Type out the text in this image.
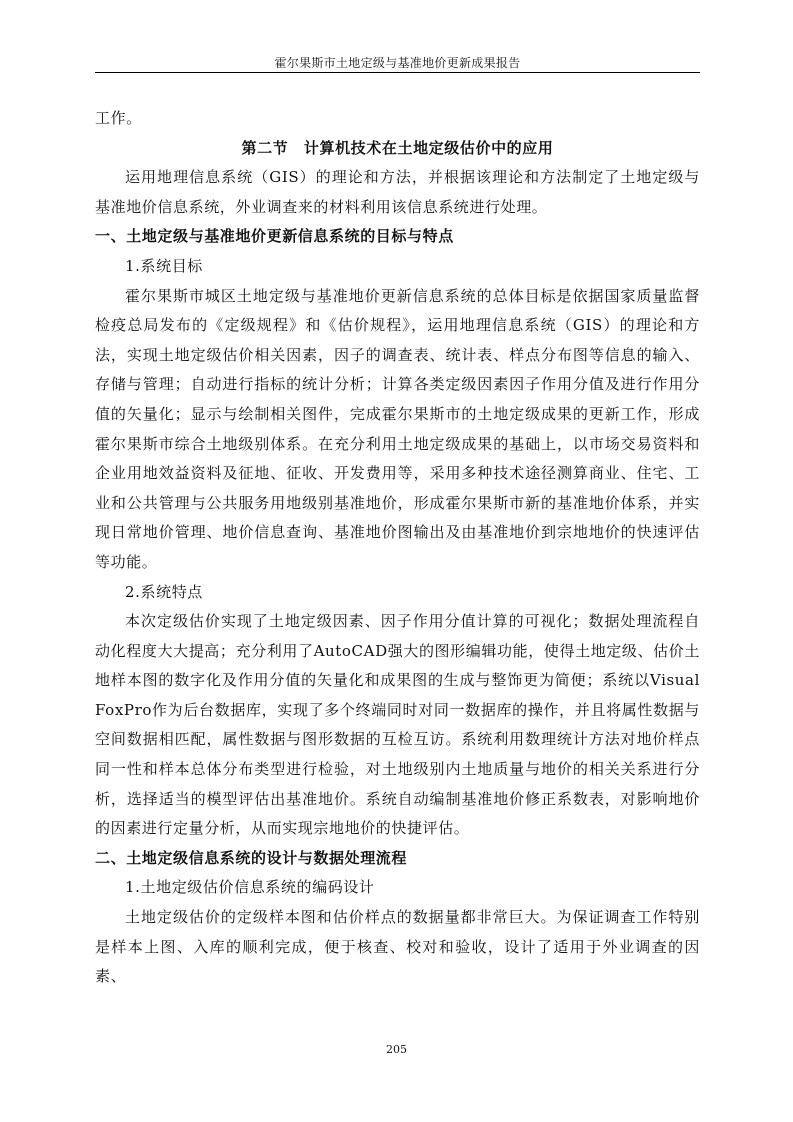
霍尔果斯市土地定级与基准地价更新成果报告

工作。

第二节　计算机技术在土地定级估价中的应用

运用地理信息系统（GIS）的理论和方法，并根据该理论和方法制定了土地定级与基准地价信息系统，外业调查来的材料利用该信息系统进行处理。

一、土地定级与基准地价更新信息系统的目标与特点

1.系统目标

霍尔果斯市城区土地定级与基准地价更新信息系统的总体目标是依据国家质量监督检疫总局发布的《定级规程》和《估价规程》，运用地理信息系统（GIS）的理论和方法，实现土地定级估价相关因素，因子的调查表、统计表、样点分布图等信息的输入、存储与管理；自动进行指标的统计分析；计算各类定级因素因子作用分值及进行作用分值的矢量化；显示与绘制相关图件，完成霍尔果斯市的土地定级成果的更新工作，形成霍尔果斯市综合土地级别体系。在充分利用土地定级成果的基础上，以市场交易资料和企业用地效益资料及征地、征收、开发费用等，采用多种技术途径测算商业、住宅、工业和公共管理与公共服务用地级别基准地价，形成霍尔果斯市新的基准地价体系，并实现日常地价管理、地价信息查询、基准地价图输出及由基准地价到宗地地价的快速评估等功能。

2.系统特点

本次定级估价实现了土地定级因素、因子作用分值计算的可视化；数据处理流程自动化程度大大提高；充分利用了AutoCAD强大的图形编辑功能，使得土地定级、估价土地样本图的数字化及作用分值的矢量化和成果图的生成与整饰更为简便；系统以Visual FoxPro作为后台数据库，实现了多个终端同时对同一数据库的操作，并且将属性数据与空间数据相匹配，属性数据与图形数据的互检互访。系统利用数理统计方法对地价样点同一性和样本总体分布类型进行检验，对土地级别内土地质量与地价的相关关系进行分析，选择适当的模型评估出基准地价。系统自动编制基准地价修正系数表，对影响地价的因素进行定量分析，从而实现宗地地价的快捷评估。

二、土地定级信息系统的设计与数据处理流程

1.土地定级估价信息系统的编码设计

土地定级估价的定级样本图和估价样点的数据量都非常巨大。为保证调查工作特别是样本上图、入库的顺利完成，便于核查、校对和验收，设计了适用于外业调查的因素、

205
